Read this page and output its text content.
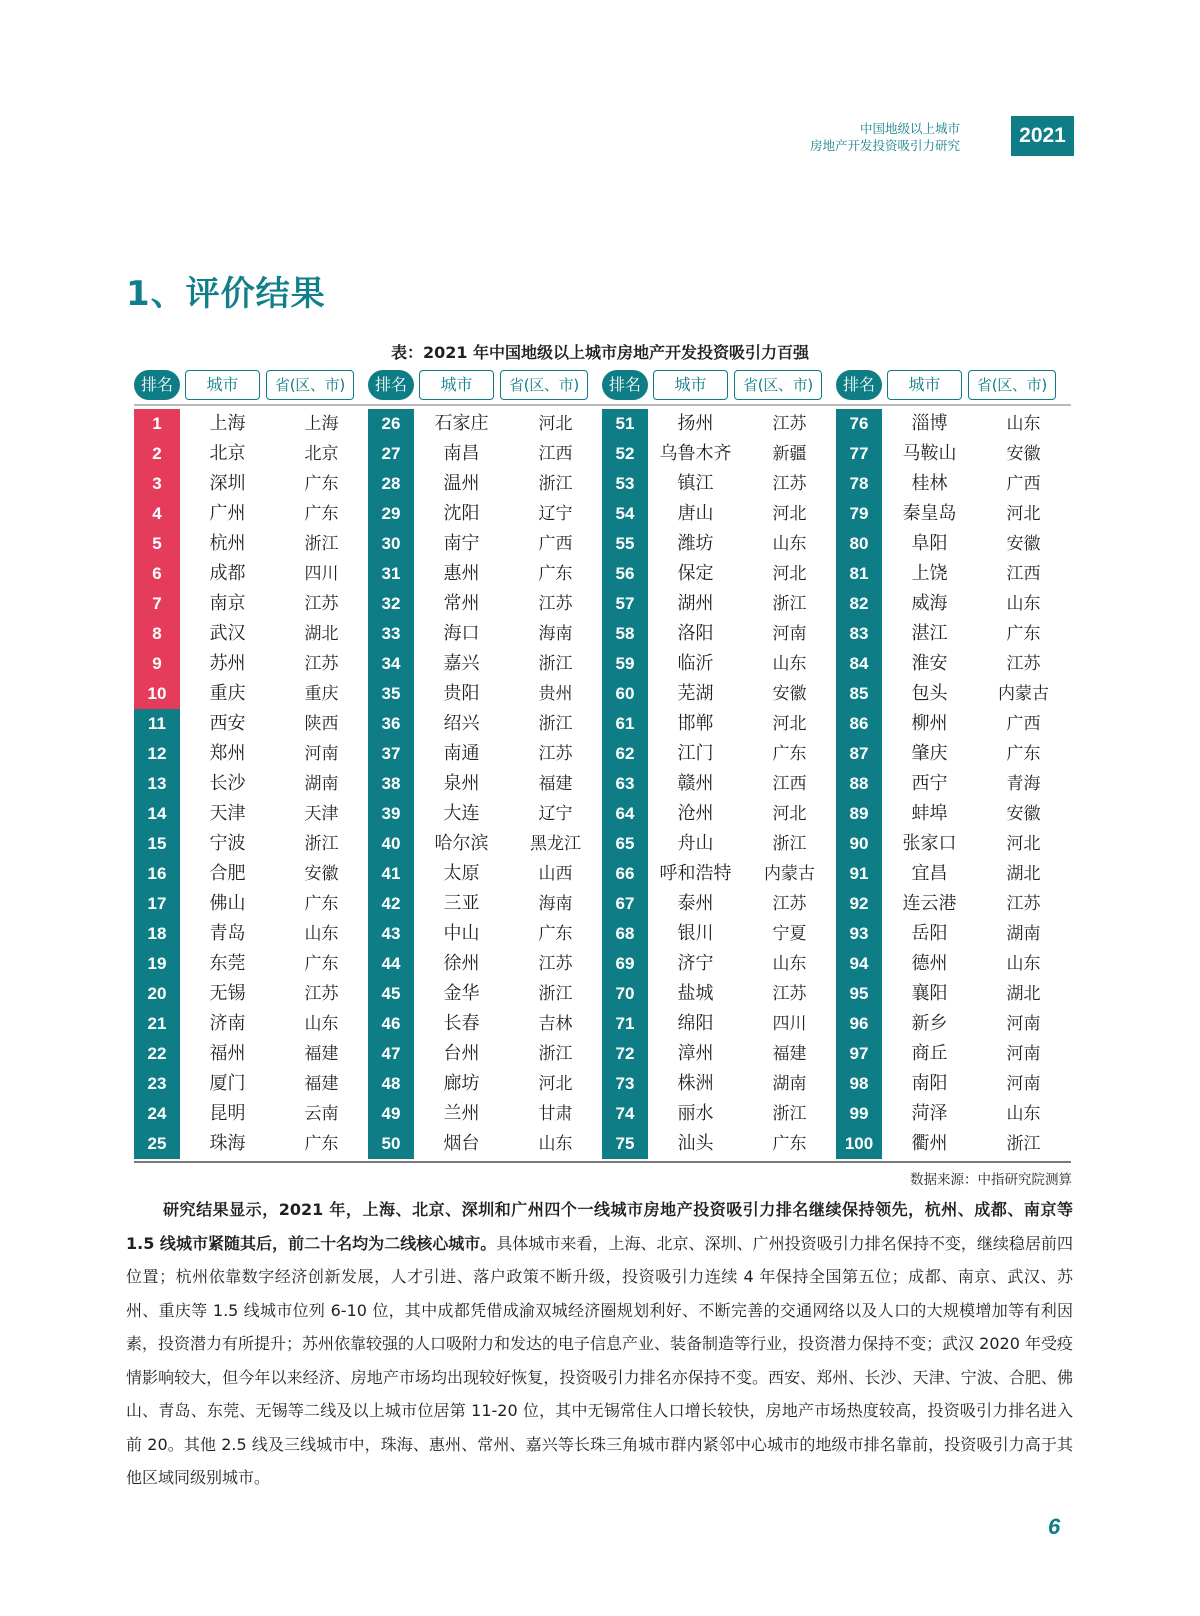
中国地级以上城市
房地产开发投资吸引力研究	2021
1、评价结果
表：2021 年中国地级以上城市房地产开发投资吸引力百强
排名	城市	省(区、市)	排名	城市	省(区、市)	排名	城市	省(区、市)	排名	城市	省(区、市)
1	上海	上海
2	北京	北京
3	深圳	广东
4	广州	广东
5	杭州	浙江
6	成都	四川
7	南京	江苏
8	武汉	湖北
9	苏州	江苏
10	重庆	重庆
11	西安	陕西
12	郑州	河南
13	长沙	湖南
14	天津	天津
15	宁波	浙江
16	合肥	安徽
17	佛山	广东
18	青岛	山东
19	东莞	广东
20	无锡	江苏
21	济南	山东
22	福州	福建
23	厦门	福建
24	昆明	云南
25	珠海	广东
26	石家庄	河北
27	南昌	江西
28	温州	浙江
29	沈阳	辽宁
30	南宁	广西
31	惠州	广东
32	常州	江苏
33	海口	海南
34	嘉兴	浙江
35	贵阳	贵州
36	绍兴	浙江
37	南通	江苏
38	泉州	福建
39	大连	辽宁
40	哈尔滨	黑龙江
41	太原	山西
42	三亚	海南
43	中山	广东
44	徐州	江苏
45	金华	浙江
46	长春	吉林
47	台州	浙江
48	廊坊	河北
49	兰州	甘肃
50	烟台	山东
51	扬州	江苏
52	乌鲁木齐	新疆
53	镇江	江苏
54	唐山	河北
55	潍坊	山东
56	保定	河北
57	湖州	浙江
58	洛阳	河南
59	临沂	山东
60	芜湖	安徽
61	邯郸	河北
62	江门	广东
63	赣州	江西
64	沧州	河北
65	舟山	浙江
66	呼和浩特	内蒙古
67	泰州	江苏
68	银川	宁夏
69	济宁	山东
70	盐城	江苏
71	绵阳	四川
72	漳州	福建
73	株洲	湖南
74	丽水	浙江
75	汕头	广东
76	淄博	山东
77	马鞍山	安徽
78	桂林	广西
79	秦皇岛	河北
80	阜阳	安徽
81	上饶	江西
82	威海	山东
83	湛江	广东
84	淮安	江苏
85	包头	内蒙古
86	柳州	广西
87	肇庆	广东
88	西宁	青海
89	蚌埠	安徽
90	张家口	河北
91	宜昌	湖北
92	连云港	江苏
93	岳阳	湖南
94	德州	山东
95	襄阳	湖北
96	新乡	河南
97	商丘	河南
98	南阳	河南
99	菏泽	山东
100	衢州	浙江
数据来源：中指研究院测算
研究结果显示，2021 年，上海、北京、深圳和广州四个一线城市房地产投资吸引力排名继续保持领先，杭州、成都、南京等 1.5 线城市紧随其后，前二十名均为二线核心城市。具体城市来看，上海、北京、深圳、广州投资吸引力排名保持不变，继续稳居前四位置；杭州依靠数字经济创新发展，人才引进、落户政策不断升级，投资吸引力连续 4 年保持全国第五位；成都、南京、武汉、苏州、重庆等 1.5 线城市位列 6-10 位，其中成都凭借成渝双城经济圈规划利好、不断完善的交通网络以及人口的大规模增加等有利因素，投资潜力有所提升；苏州依靠较强的人口吸附力和发达的电子信息产业、装备制造等行业，投资潜力保持不变；武汉 2020 年受疫情影响较大，但今年以来经济、房地产市场均出现较好恢复，投资吸引力排名亦保持不变。西安、郑州、长沙、天津、宁波、合肥、佛山、青岛、东莞、无锡等二线及以上城市位居第 11-20 位，其中无锡常住人口增长较快，房地产市场热度较高，投资吸引力排名进入前 20。其他 2.5 线及三线城市中，珠海、惠州、常州、嘉兴等长珠三角城市群内紧邻中心城市的地级市排名靠前，投资吸引力高于其他区域同级别城市。
6
